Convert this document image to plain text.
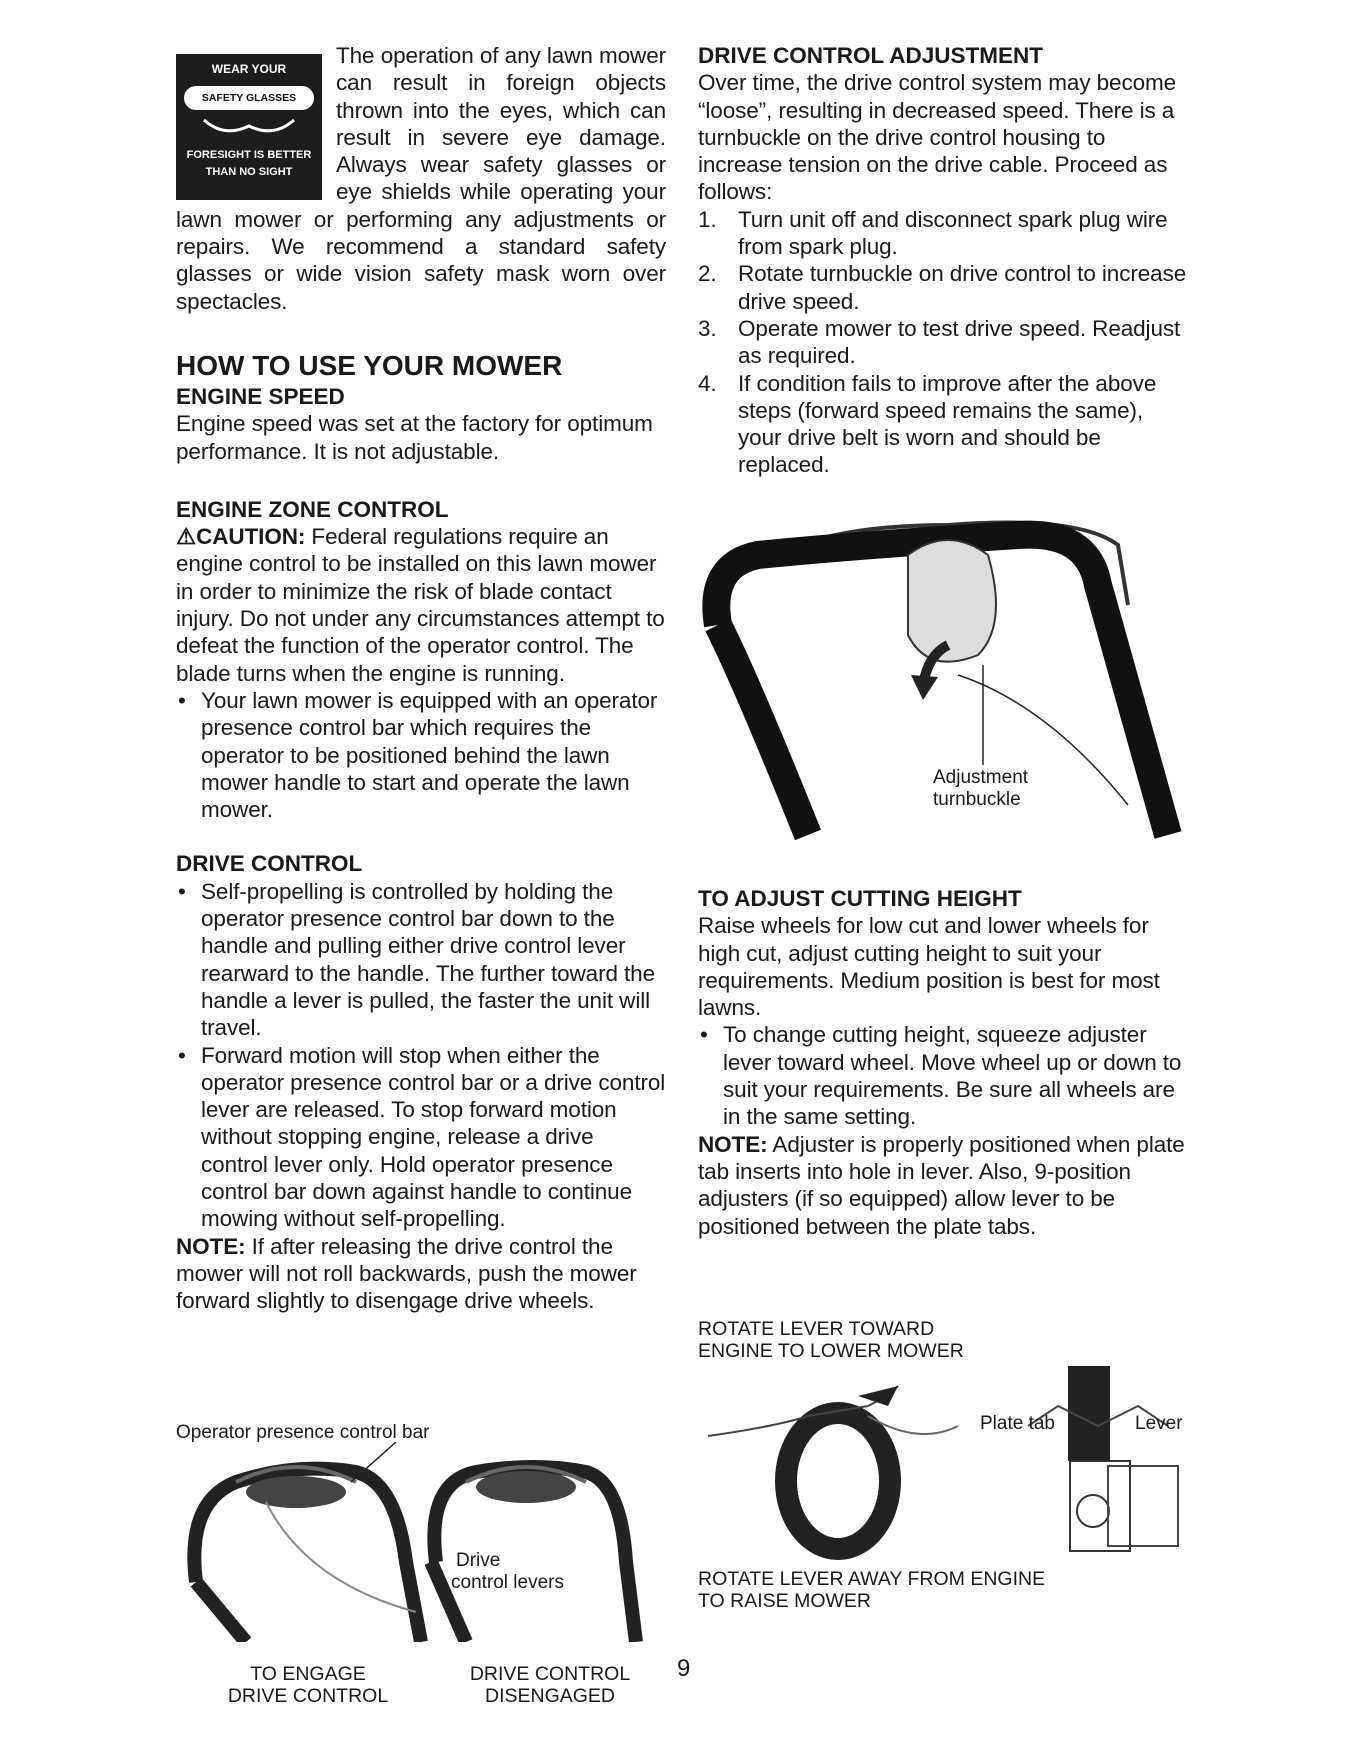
WEAR YOUR
SAFETY GLASSES
FORESIGHT IS BETTER
THAN NO SIGHT

The operation of any lawn mower can result in foreign objects thrown into the eyes, which can result in severe eye damage. Always wear safety glasses or eye shields while operating your lawn mower or performing any adjustments or repairs. We recommend a standard safety glasses or wide vision safety mask worn over spectacles.

HOW TO USE YOUR MOWER
ENGINE SPEED

Engine speed was set at the factory for optimum performance. It is not adjustable.

ENGINE ZONE CONTROL

⚠CAUTION: Federal regulations require an engine control to be installed on this lawn mower in order to minimize the risk of blade contact injury. Do not under any circumstances attempt to defeat the function of the operator control. The blade turns when the engine is running.

• Your lawn mower is equipped with an operator presence control bar which requires the operator to be positioned behind the lawn mower handle to start and operate the lawn mower.
DRIVE CONTROL
• Self-propelling is controlled by holding the operator presence control bar down to the handle and pulling either drive control lever rearward to the handle. The further toward the handle a lever is pulled, the faster the unit will travel.
• Forward motion will stop when either the operator presence control bar or a drive control lever are released. To stop forward motion without stopping engine, release a drive control lever only. Hold operator presence control bar down against handle to continue mowing without self-propelling.

NOTE: If after releasing the drive control the mower will not roll backwards, push the mower forward slightly to disengage drive wheels.

Operator presence control bar
Drive
control levers
TO ENGAGE
DRIVE CONTROL
DRIVE CONTROL
DISENGAGED
9
DRIVE CONTROL ADJUSTMENT

Over time, the drive control system may become “loose”, resulting in decreased speed. There is a turnbuckle on the drive control housing to increase tension on the drive cable. Proceed as follows:

1. Turn unit off and disconnect spark plug wire from spark plug.
2. Rotate turnbuckle on drive control to increase drive speed.
3. Operate mower to test drive speed. Readjust as required.
4. If condition fails to improve after the above steps (forward speed remains the same), your drive belt is worn and should be replaced.
Adjustment
turnbuckle
TO ADJUST CUTTING HEIGHT

Raise wheels for low cut and lower wheels for high cut, adjust cutting height to suit your requirements. Medium position is best for most lawns.

• To change cutting height, squeeze adjuster lever toward wheel. Move wheel up or down to suit your requirements. Be sure all wheels are in the same setting.

NOTE: Adjuster is properly positioned when plate tab inserts into hole in lever. Also, 9-position adjusters (if so equipped) allow lever to be positioned between the plate tabs.

ROTATE LEVER TOWARD
ENGINE TO LOWER MOWER
Plate tab	Lever
ROTATE LEVER AWAY FROM ENGINE
TO RAISE MOWER
